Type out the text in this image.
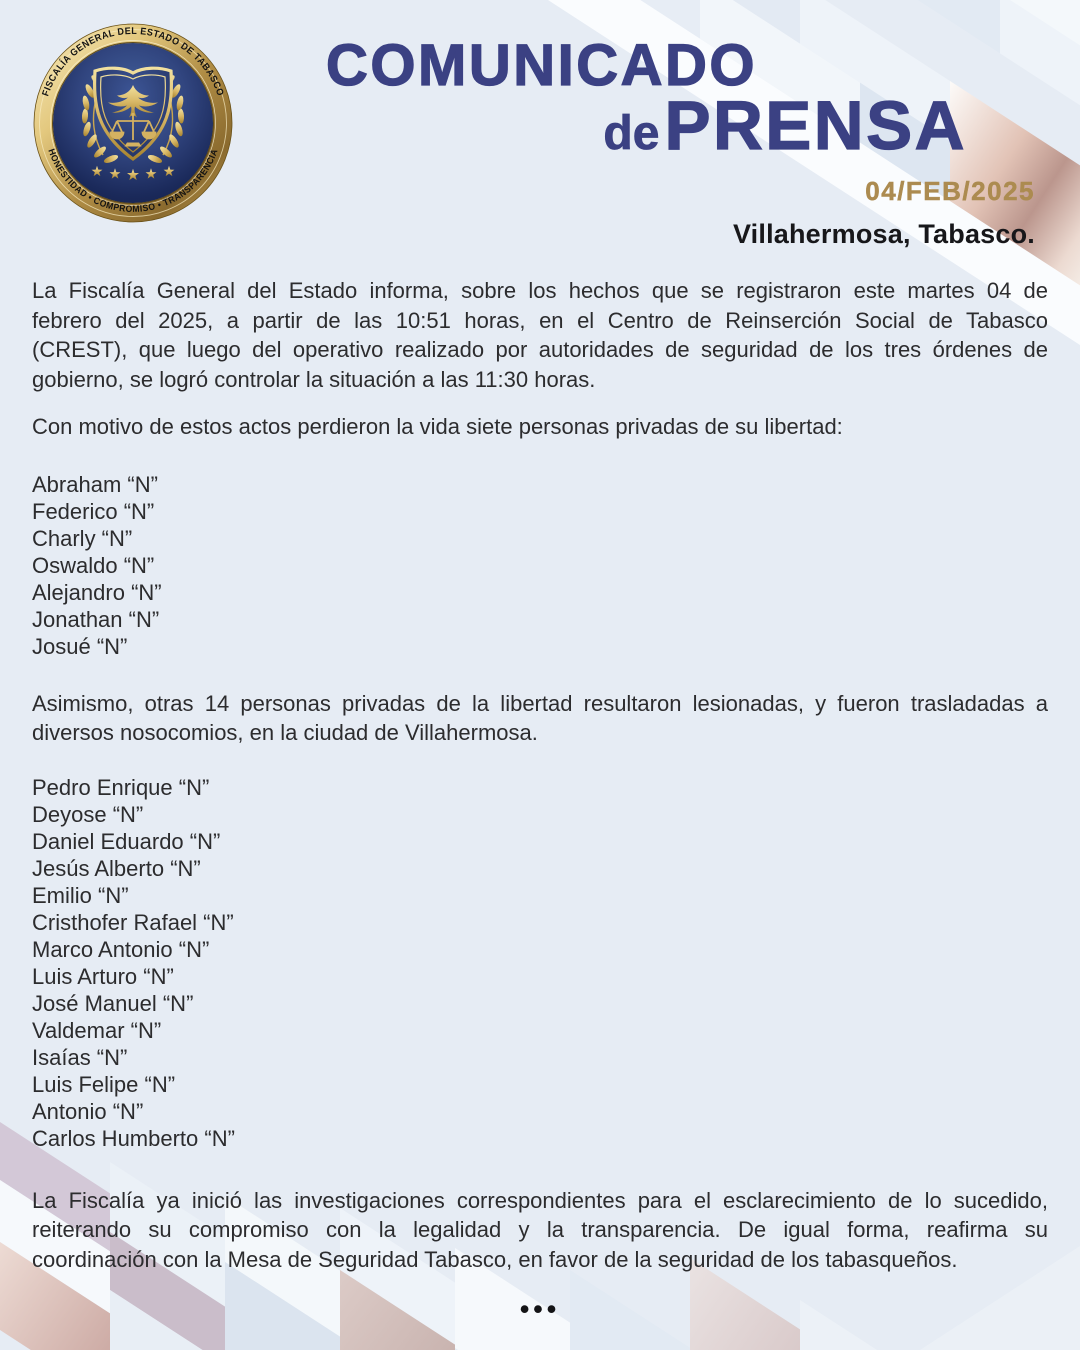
FISCALÍA GENERAL DEL ESTADO DE TABASCO
HONESTIDAD • COMPROMISO • TRANSPARENCIA
COMUNICADO
dePRENSA
04/FEB/2025
Villahermosa, Tabasco.
La Fiscalía General del Estado informa, sobre los hechos que se registraron este martes 04 de
febrero del 2025, a partir de las 10:51 horas, en el Centro de Reinserción Social de Tabasco
(CREST), que luego del operativo realizado por autoridades de seguridad de los tres órdenes de
gobierno, se logró controlar la situación a las 11:30 horas.
Con motivo de estos actos perdieron la vida siete personas privadas de su libertad:
Abraham “N”
Federico “N”
Charly “N”
Oswaldo “N”
Alejandro “N”
Jonathan “N”
Josué “N”
Asimismo, otras 14 personas privadas de la libertad resultaron lesionadas, y fueron trasladadas a
diversos nosocomios, en la ciudad de Villahermosa.
Pedro Enrique “N”
Deyose “N”
Daniel Eduardo “N”
Jesús Alberto “N”
Emilio “N”
Cristhofer Rafael “N”
Marco Antonio “N”
Luis Arturo “N”
José Manuel “N”
Valdemar “N”
Isaías “N”
Luis Felipe “N”
Antonio “N”
Carlos Humberto “N”
La Fiscalía ya inició las investigaciones correspondientes para el esclarecimiento de lo sucedido,
reiterando su compromiso con la legalidad y la transparencia. De igual forma, reafirma su
coordinación con la Mesa de Seguridad Tabasco, en favor de la seguridad de los tabasqueños.
•••
